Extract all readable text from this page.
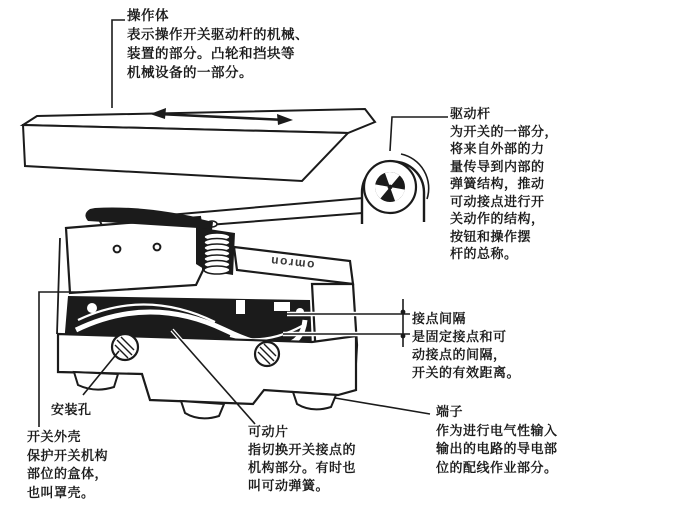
omron
操作体
表示操作开关驱动杆的机械、
装置的部分。凸轮和挡块等
机械设备的一部分。
驱动杆
为开关的一部分，
将来自外部的力
量传导到内部的
弹簧结构，推动
可动接点进行开
关动作的结构，
按钮和操作摆
杆的总称。
接点间隔
是固定接点和可
动接点的间隔，
开关的有效距离。
安装孔
开关外壳
保护开关机构
部位的盒体，
也叫罩壳。
可动片
指切换开关接点的
机构部分。有时也
叫可动弹簧。
端子
作为进行电气性输入
输出的电路的导电部
位的配线作业部分。
